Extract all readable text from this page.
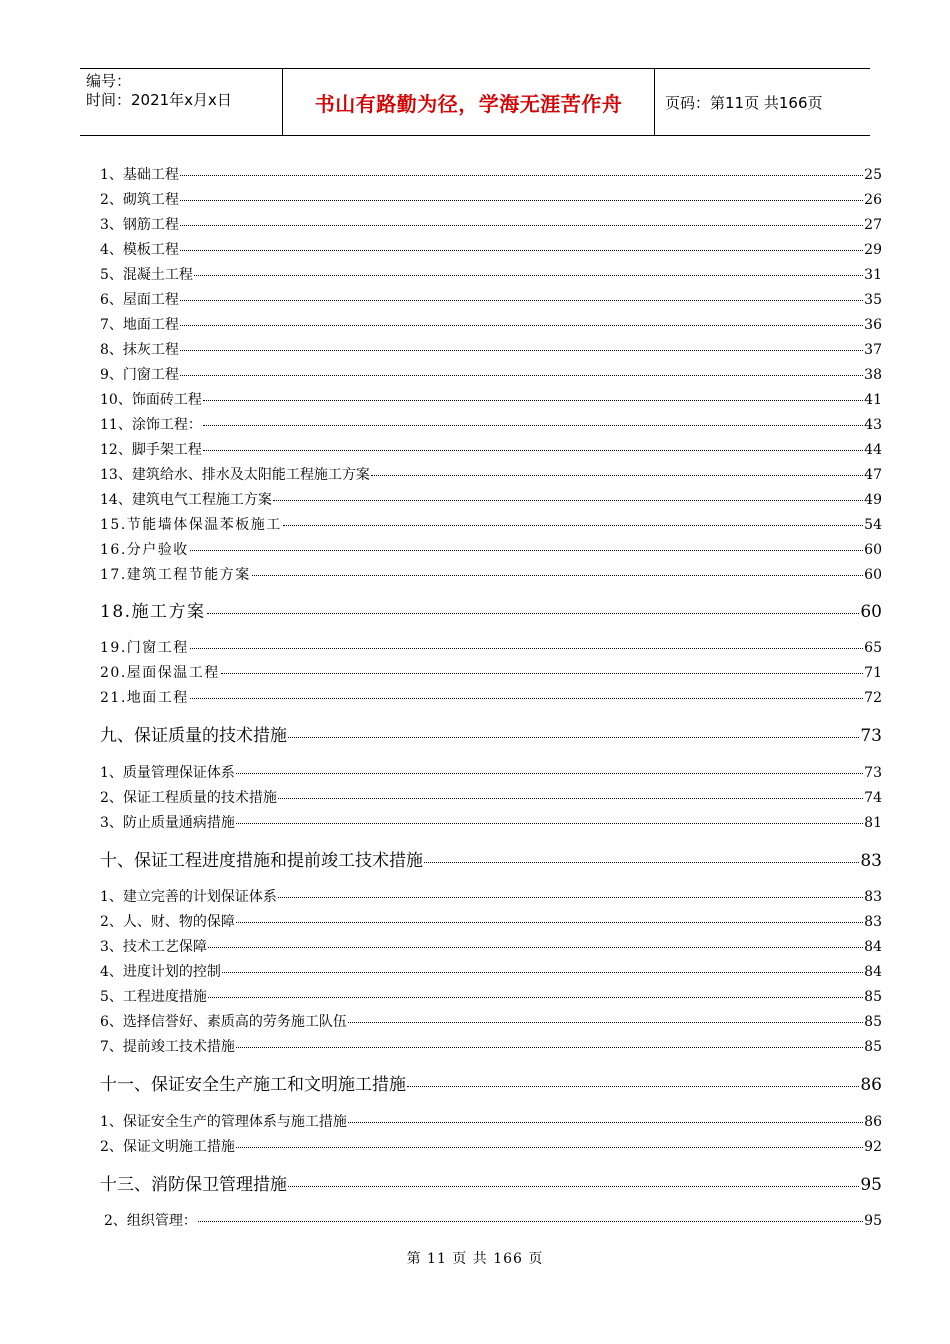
编号：
时间：2021年x月x日	书山有路勤为径，学海无涯苦作舟	页码：第11页 共166页
1、基础工程	25
2、砌筑工程	26
3、钢筋工程	27
4、模板工程	29
5、混凝土工程	31
6、屋面工程	35
7、地面工程	36
8、抹灰工程	37
9、门窗工程	38
10、饰面砖工程	41
11、涂饰工程：	43
12、脚手架工程	44
13、建筑给水、排水及太阳能工程施工方案	47
14、建筑电气工程施工方案	49
15.节能墙体保温苯板施工	54
16.分户验收	60
17.建筑工程节能方案	60
18.施工方案	60
19.门窗工程	65
20.屋面保温工程	71
21.地面工程	72
九、保证质量的技术措施	73
1、质量管理保证体系	73
2、保证工程质量的技术措施	74
3、防止质量通病措施	81
十、保证工程进度措施和提前竣工技术措施	83
1、建立完善的计划保证体系	83
2、人、财、物的保障	83
3、技术工艺保障	84
4、进度计划的控制	84
5、工程进度措施	85
6、选择信誉好、素质高的劳务施工队伍	85
7、提前竣工技术措施	85
十一、保证安全生产施工和文明施工措施	86
1、保证安全生产的管理体系与施工措施	86
2、保证文明施工措施	92
十三、消防保卫管理措施	95
2、组织管理：	95
第 11 页 共 166 页
